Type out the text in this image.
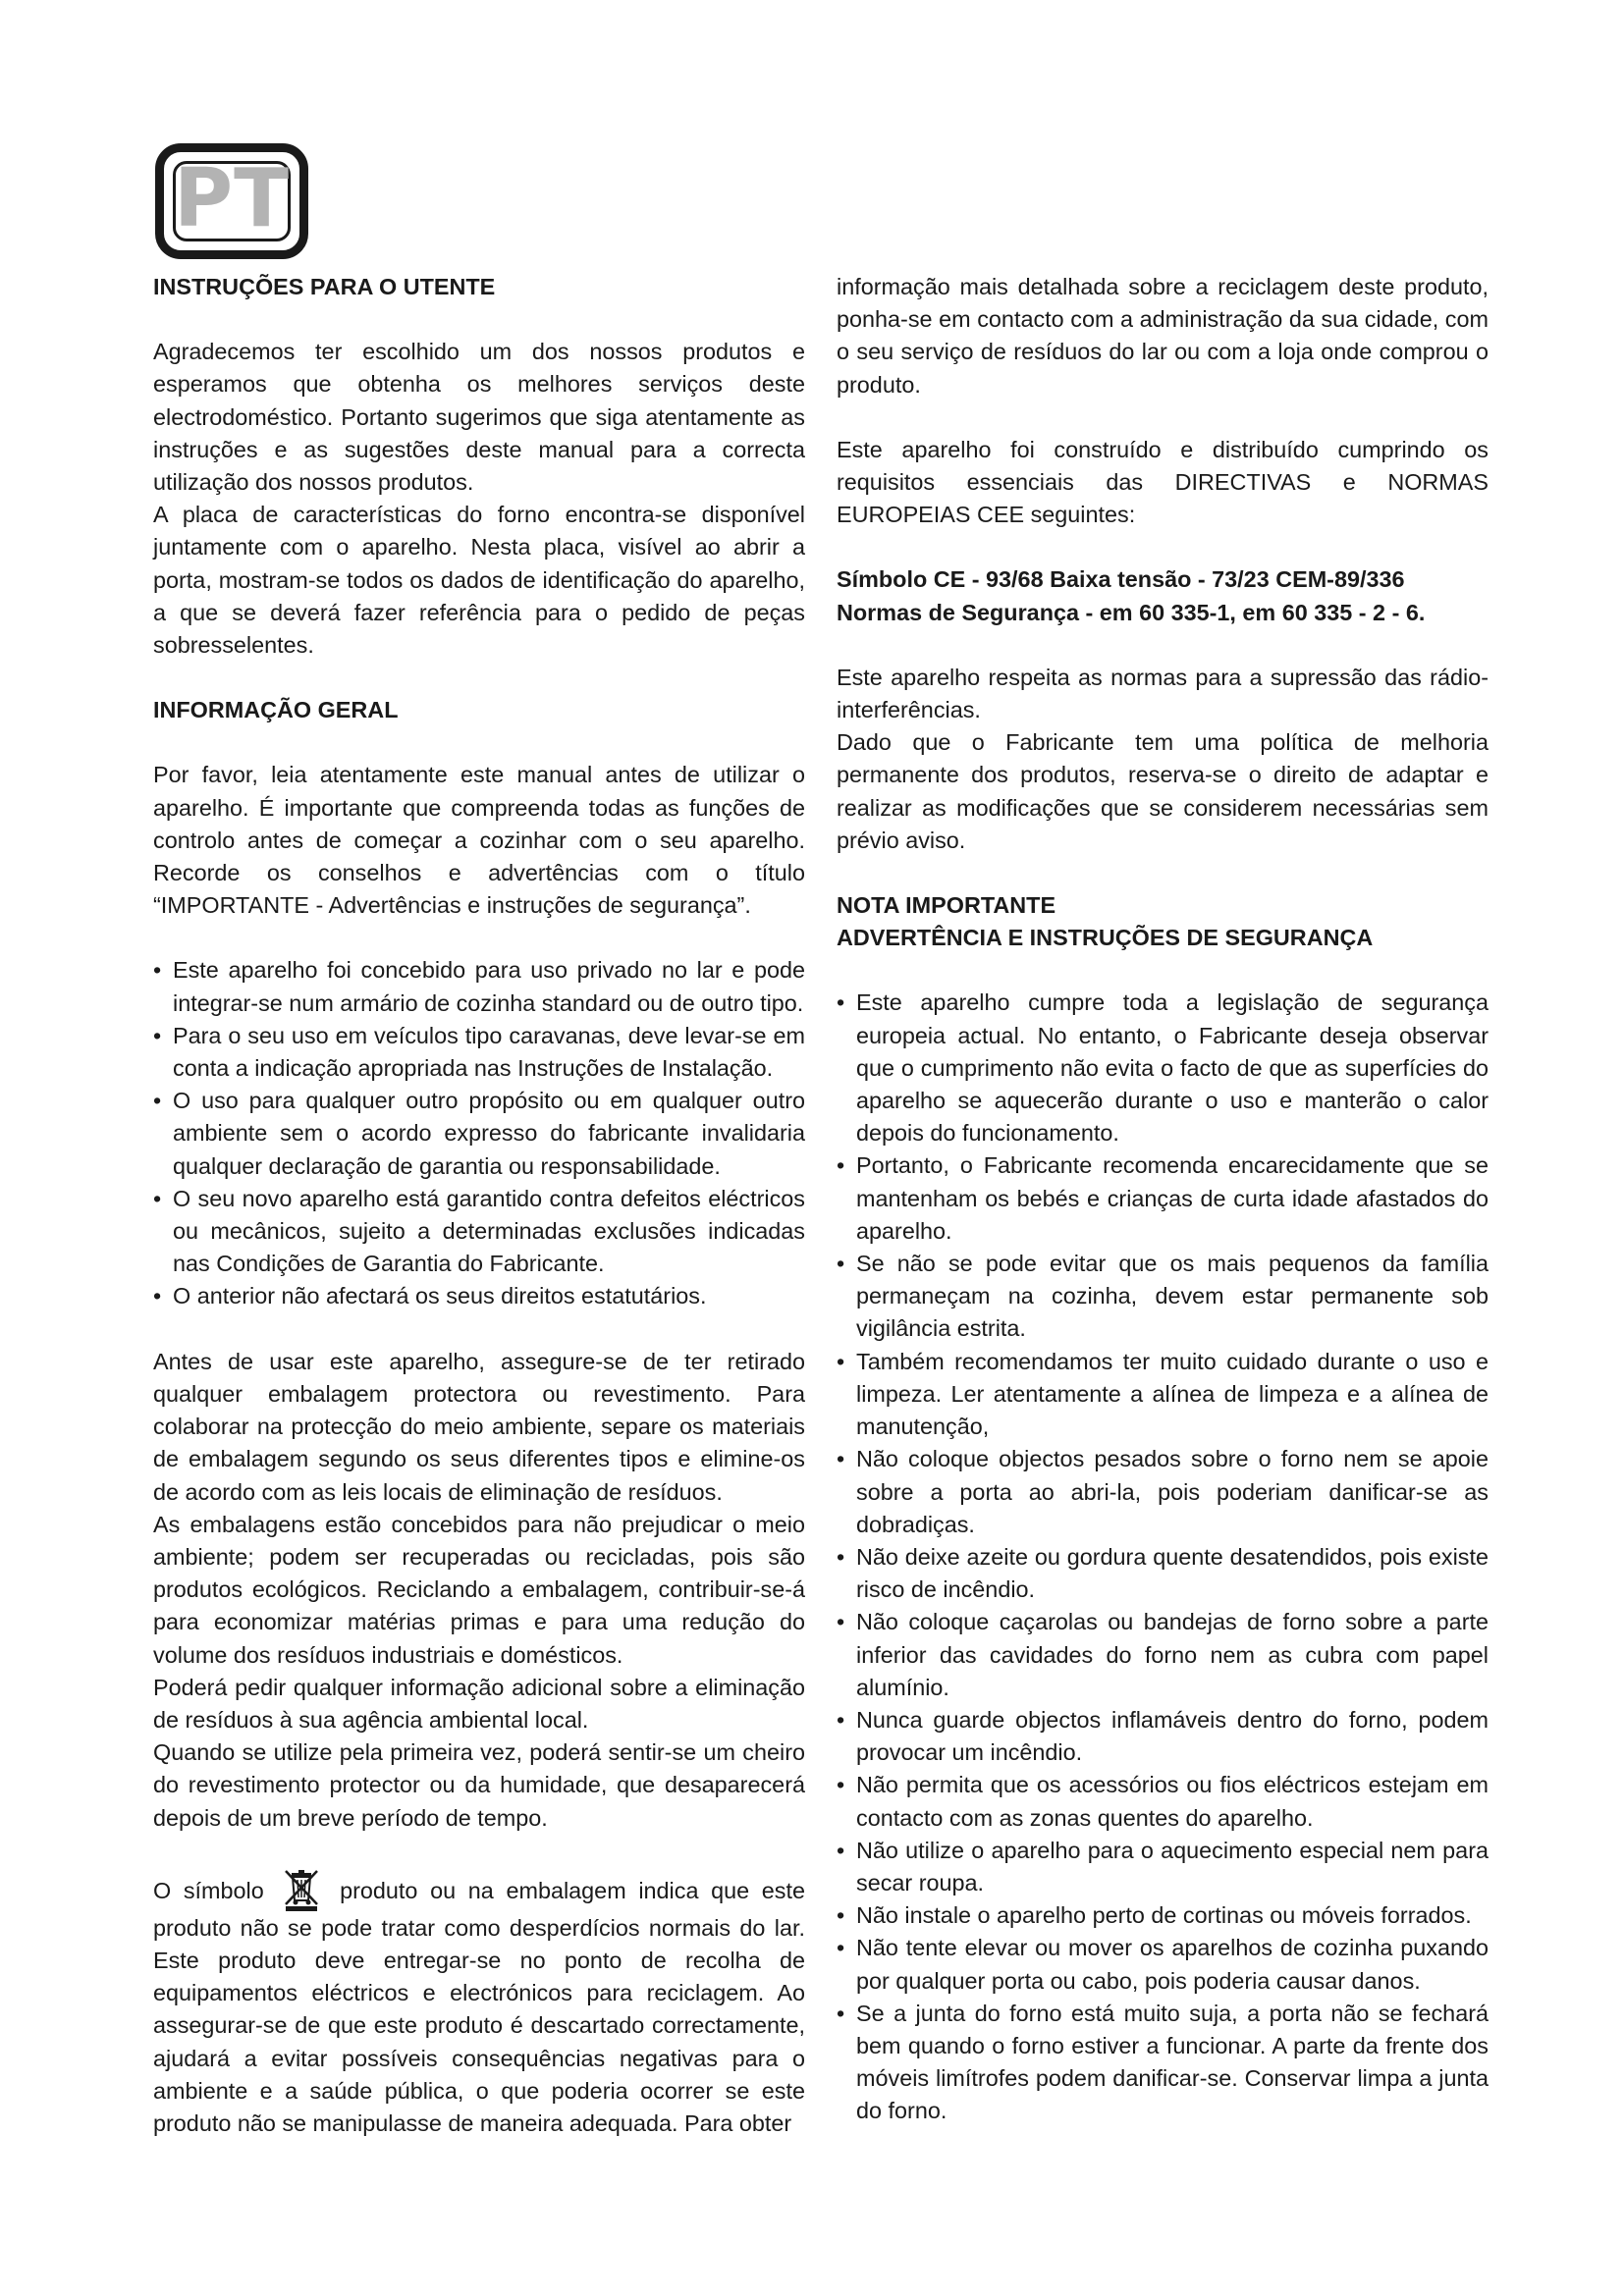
PT
INSTRUÇÕES PARA O UTENTE

Agradecemos ter escolhido um dos nossos produtos e esperamos que obtenha os melhores serviços deste electrodoméstico. Portanto sugerimos que siga atentamente as instruções e as sugestões deste manual para a correcta utilização dos nossos produtos.

A placa de características do forno encontra-se disponível juntamente com o aparelho. Nesta placa, visível ao abrir a porta, mostram-se todos os dados de identificação do aparelho, a que se deverá fazer referência para o pedido de peças sobresselentes.

INFORMAÇÃO GERAL

Por favor, leia atentamente este manual antes de utilizar o aparelho. É importante que compreenda todas as funções de controlo antes de começar a cozinhar com o seu aparelho. Recorde os conselhos e advertências com o título “IMPORTANTE - Advertências e instruções de segurança”.

• Este aparelho foi concebido para uso privado no lar e pode integrar-se num armário de cozinha standard ou de outro tipo.
• Para o seu uso em veículos tipo caravanas, deve levar-se em conta a indicação apropriada nas Instruções de Instalação.
• O uso para qualquer outro propósito ou em qualquer outro ambiente sem o acordo expresso do fabricante invalidaria qualquer declaração de garantia ou responsabilidade.
• O seu novo aparelho está garantido contra defeitos eléctricos ou mecânicos, sujeito a determinadas exclusões indicadas nas Condições de Garantia do Fabricante.
• O anterior não afectará os seus direitos estatutários.

Antes de usar este aparelho, assegure-se de ter retirado qualquer embalagem protectora ou revestimento. Para colaborar na protecção do meio ambiente, separe os materiais de embalagem segundo os seus diferentes tipos e elimine-os de acordo com as leis locais de eliminação de resíduos.

As embalagens estão concebidos para não prejudicar o meio ambiente; podem ser recuperadas ou recicladas, pois são produtos ecológicos. Reciclando a embalagem, contribuir-se-á para economizar matérias primas e para uma redução do volume dos resíduos industriais e domésticos.

Poderá pedir qualquer informação adicional sobre a eliminação de resíduos à sua agência ambiental local.

Quando se utilize pela primeira vez, poderá sentir-se um cheiro do revestimento protector ou da humidade, que desaparecerá depois de um breve período de tempo.

O símbolo	produto ou na embalagem indica que este produto não se pode tratar como desperdícios normais do lar. Este produto deve entregar-se no ponto de recolha de equipamentos eléctricos e electrónicos para reciclagem. Ao assegurar-se de que este produto é descartado correctamente, ajudará a evitar possíveis consequências negativas para o ambiente e a saúde pública, o que poderia ocorrer se este produto não se manipulasse de maneira adequada. Para obter

informação mais detalhada sobre a reciclagem deste produto, ponha-se em contacto com a administração da sua cidade, com o seu serviço de resíduos do lar ou com a loja onde comprou o produto.

Este aparelho foi construído e distribuído cumprindo os requisitos essenciais das DIRECTIVAS e NORMAS EUROPEIAS CEE seguintes:

Símbolo CE - 93/68 Baixa tensão - 73/23 CEM-89/336

Normas de Segurança - em 60 335-1, em 60 335 - 2 - 6.

Este aparelho respeita as normas para a supressão das rádio-interferências.

Dado que o Fabricante tem uma política de melhoria permanente dos produtos, reserva-se o direito de adaptar e realizar as modificações que se considerem necessárias sem prévio aviso.

NOTA IMPORTANTE
ADVERTÊNCIA E INSTRUÇÕES DE SEGURANÇA
• Este aparelho cumpre toda a legislação de segurança europeia actual. No entanto, o Fabricante deseja observar que o cumprimento não evita o facto de que as superfícies do aparelho se aquecerão durante o uso e manterão o calor depois do funcionamento.
• Portanto, o Fabricante recomenda encarecidamente que se mantenham os bebés e crianças de curta idade afastados do aparelho.
• Se não se pode evitar que os mais pequenos da família permaneçam na cozinha, devem estar permanente sob vigilância estrita.
• Também recomendamos ter muito cuidado durante o uso e limpeza. Ler atentamente a alínea de limpeza e a alínea de manutenção,
• Não coloque objectos pesados sobre o forno nem se apoie sobre a porta ao abri-la, pois poderiam danificar-se as dobradiças.
• Não deixe azeite ou gordura quente desatendidos, pois existe risco de incêndio.
• Não coloque caçarolas ou bandejas de forno sobre a parte inferior das cavidades do forno nem as cubra com papel alumínio.
• Nunca guarde objectos inflamáveis dentro do forno, podem provocar um incêndio.
• Não permita que os acessórios ou fios eléctricos estejam em contacto com as zonas quentes do aparelho.
• Não utilize o aparelho para o aquecimento especial nem para secar roupa.
• Não instale o aparelho perto de cortinas ou móveis forrados.
• Não tente elevar ou mover os aparelhos de cozinha puxando por qualquer porta ou cabo, pois poderia causar danos.
• Se a junta do forno está muito suja, a porta não se fechará bem quando o forno estiver a funcionar. A parte da frente dos móveis limítrofes podem danificar-se. Conservar limpa a junta do forno.
